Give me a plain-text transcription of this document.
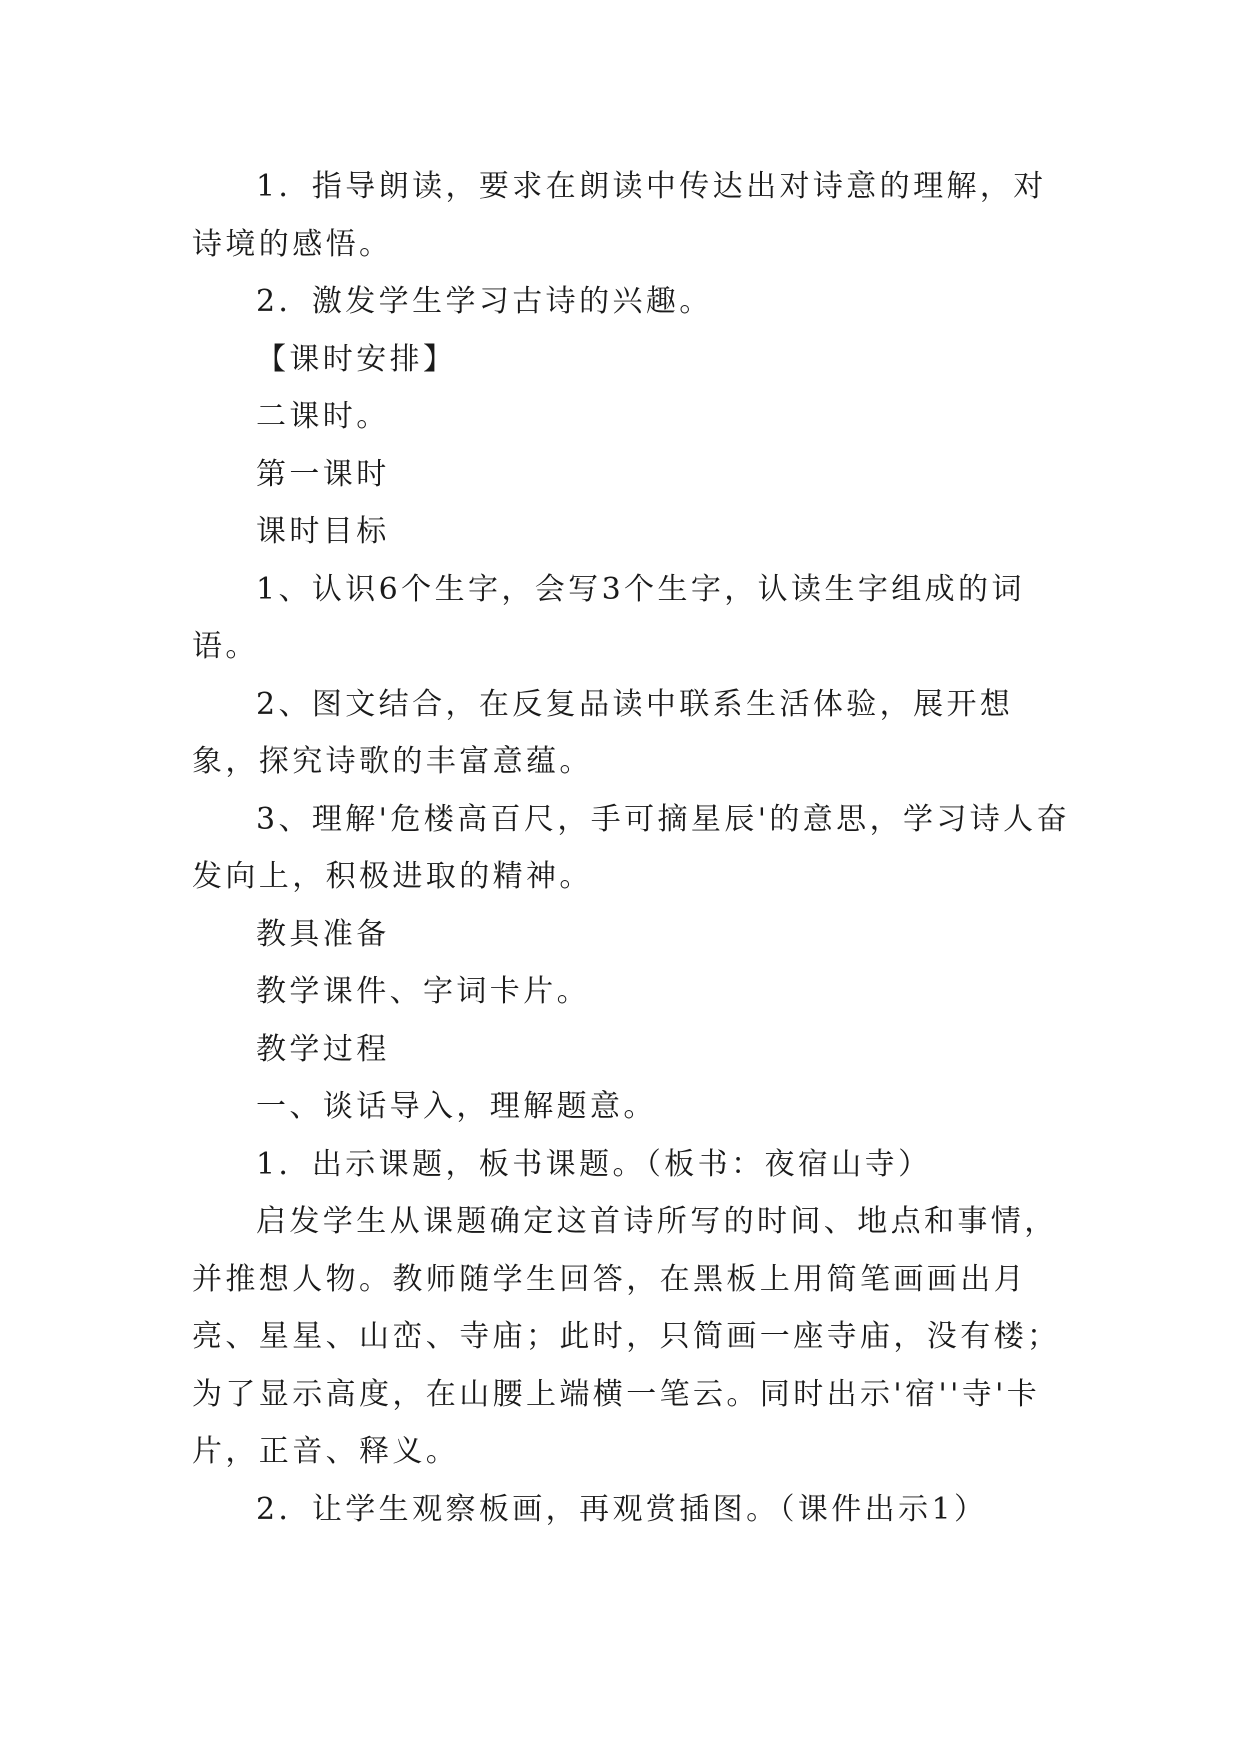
1．指导朗读，要求在朗读中传达出对诗意的理解，对诗境的感悟。

2．激发学生学习古诗的兴趣。

【课时安排】

二课时。

第一课时

课时目标

1、认识6个生字，会写3个生字，认读生字组成的词语。

2、图文结合，在反复品读中联系生活体验，展开想象，探究诗歌的丰富意蕴。

3、理解'危楼高百尺，手可摘星辰'的意思，学习诗人奋发向上，积极进取的精神。

教具准备

教学课件、字词卡片。

教学过程

一、谈话导入，理解题意。

1．出示课题，板书课题。（板书：夜宿山寺）

启发学生从课题确定这首诗所写的时间、地点和事情，并推想人物。教师随学生回答，在黑板上用简笔画画出月亮、星星、山峦、寺庙；此时，只简画一座寺庙，没有楼；为了显示高度，在山腰上端横一笔云。同时出示'宿''寺'卡片，正音、释义。

2．让学生观察板画，再观赏插图。（课件出示1）
